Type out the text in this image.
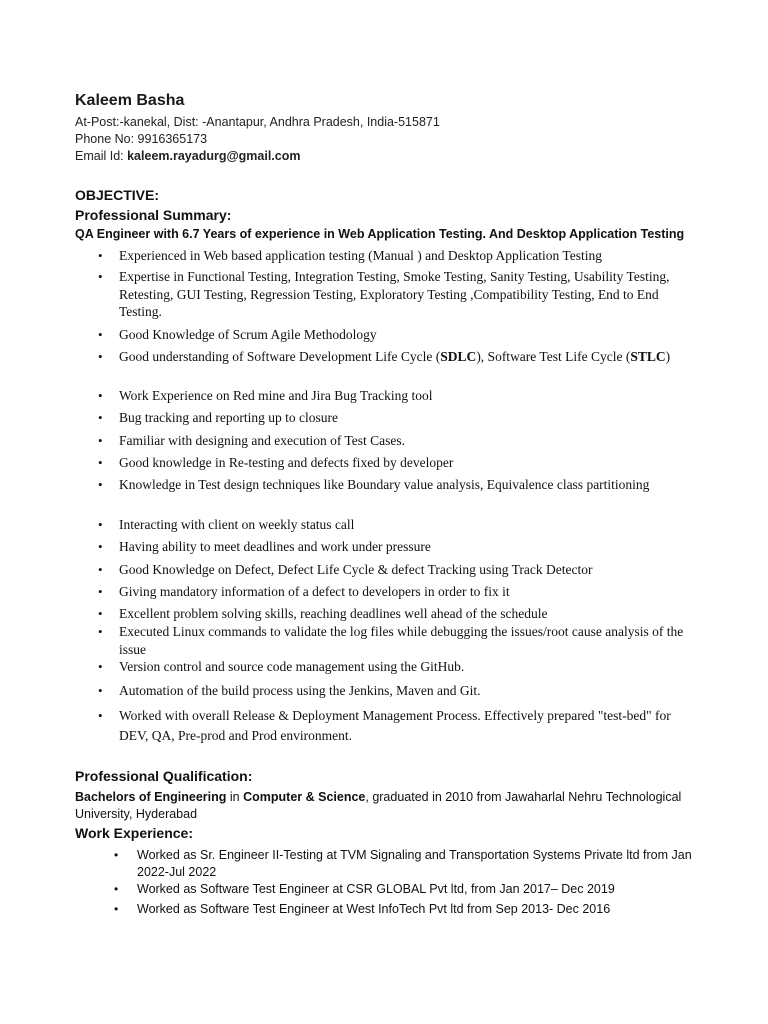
Kaleem Basha
At-Post:-kanekal, Dist: -Anantapur, Andhra Pradesh, India-515871
Phone No: 9916365173
Email Id: kaleem.rayadurg@gmail.com
OBJECTIVE:
Professional Summary:
QA Engineer with 6.7 Years of experience in Web Application Testing. And Desktop Application Testing
• Experienced in Web based application testing (Manual ) and Desktop Application Testing
• Expertise in Functional Testing, Integration Testing, Smoke Testing, Sanity Testing, Usability Testing, Retesting, GUI Testing, Regression Testing, Exploratory Testing ,Compatibility Testing, End to End Testing.
• Good Knowledge of Scrum Agile Methodology
• Good understanding of Software Development Life Cycle (SDLC), Software Test Life Cycle (STLC)
• Work Experience on Red mine and Jira Bug Tracking tool
• Bug tracking and reporting up to closure
• Familiar with designing and execution of Test Cases.
• Good knowledge in Re-testing and defects fixed by developer
• Knowledge in Test design techniques like Boundary value analysis, Equivalence class partitioning
• Interacting with client on weekly status call
• Having ability to meet deadlines and work under pressure
• Good Knowledge on Defect, Defect Life Cycle & defect Tracking using Track Detector
• Giving mandatory information of a defect to developers in order to fix it
• Excellent problem solving skills, reaching deadlines well ahead of the schedule
• Executed Linux commands to validate the log files while debugging the issues/root cause analysis of the issue
• Version control and source code management using the GitHub.
• Automation of the build process using the Jenkins, Maven and Git.
• Worked with overall Release & Deployment Management Process. Effectively prepared "test-bed" for DEV, QA, Pre-prod and Prod environment.
Professional Qualification:
Bachelors of Engineering in Computer & Science, graduated in 2010 from Jawaharlal Nehru Technological University, Hyderabad
Work Experience:
• Worked as Sr. Engineer II-Testing at TVM Signaling and Transportation Systems Private ltd from Jan 2022-Jul 2022
• Worked as Software Test Engineer at CSR GLOBAL Pvt ltd, from Jan 2017– Dec 2019
• Worked as Software Test Engineer at West InfoTech Pvt ltd from Sep 2013- Dec 2016
